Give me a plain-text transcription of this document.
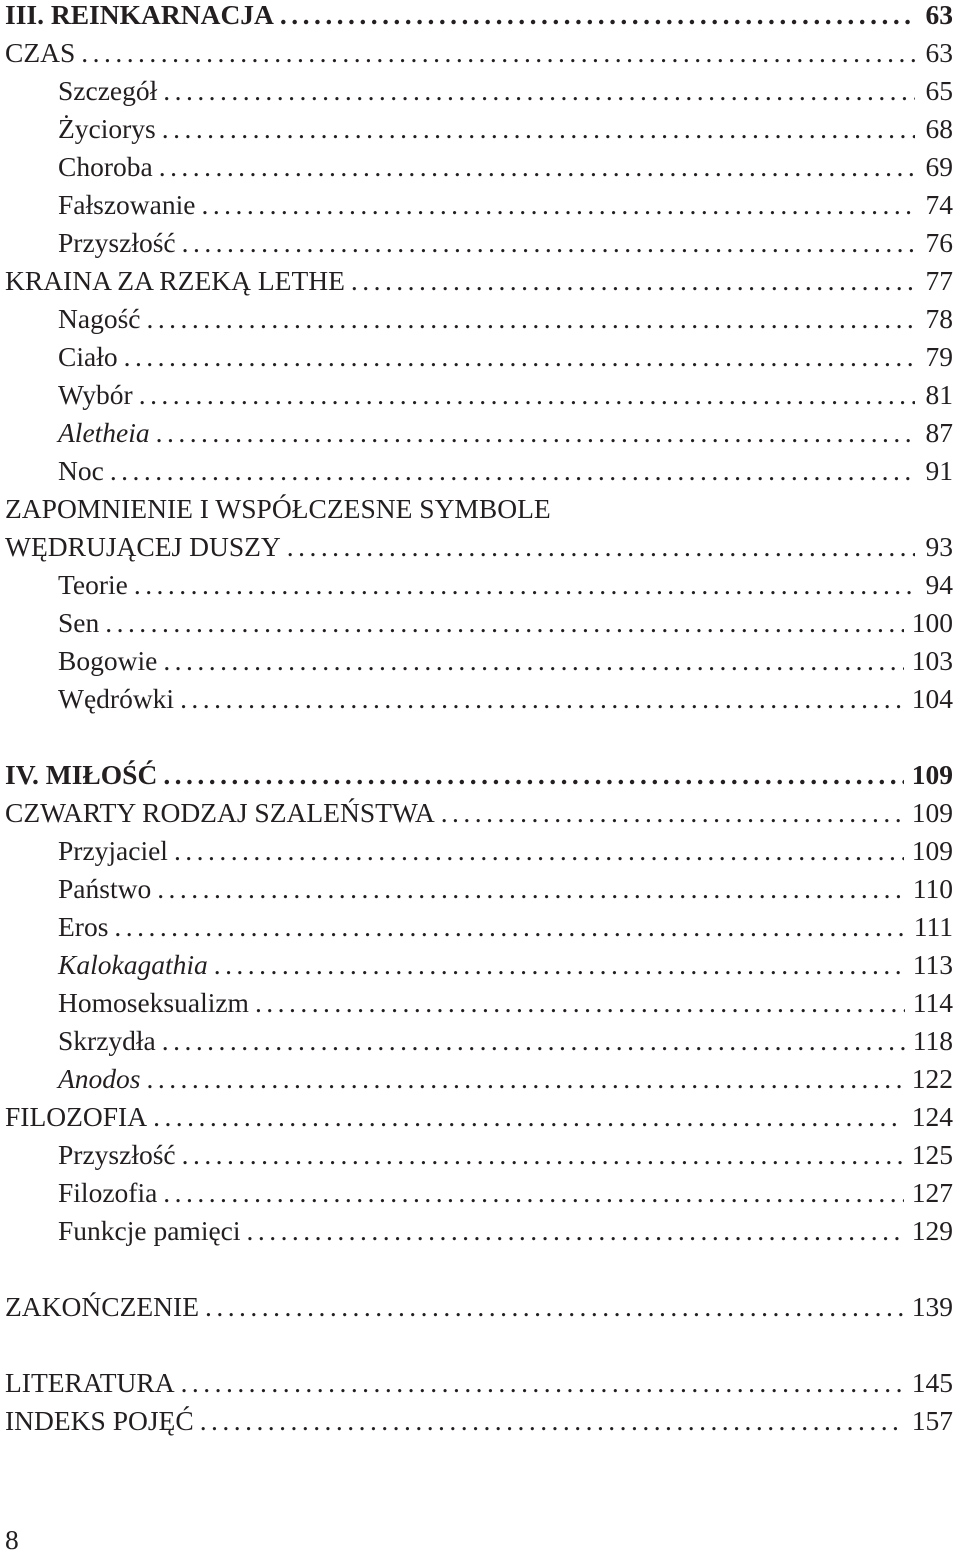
III. REINKARNACJA . . .	63
CZAS . . .	63
Szczegół . . .	65
Życiorys . . .	68
Choroba . . .	69
Fałszowanie . . .	74
Przyszłość . . .	76
KRAINA ZA RZEKĄ LETHE . . .	77
Nagość . . .	78
Ciało . . .	79
Wybór . . .	81
Aletheia . . .	87
Noc . . .	91
ZAPOMNIENIE I WSPÓŁCZESNE SYMBOLE
WĘDRUJĄCEJ DUSZY . . .	93
Teorie . . .	94
Sen . . .	100
Bogowie . . .	103
Wędrówki . . .	104
IV. MIŁOŚĆ . . .	109
CZWARTY RODZAJ SZALEŃSTWA . . .	109
Przyjaciel . . .	109
Państwo . . .	110
Eros . . .	111
Kalokagathia . . .	113
Homoseksualizm . . .	114
Skrzydła . . .	118
Anodos . . .	122
FILOZOFIA . . .	124
Przyszłość . . .	125
Filozofia . . .	127
Funkcje pamięci . . .	129
ZAKOŃCZENIE . . .	139
LITERATURA . . .	145
INDEKS POJĘĆ . . .	157
8
